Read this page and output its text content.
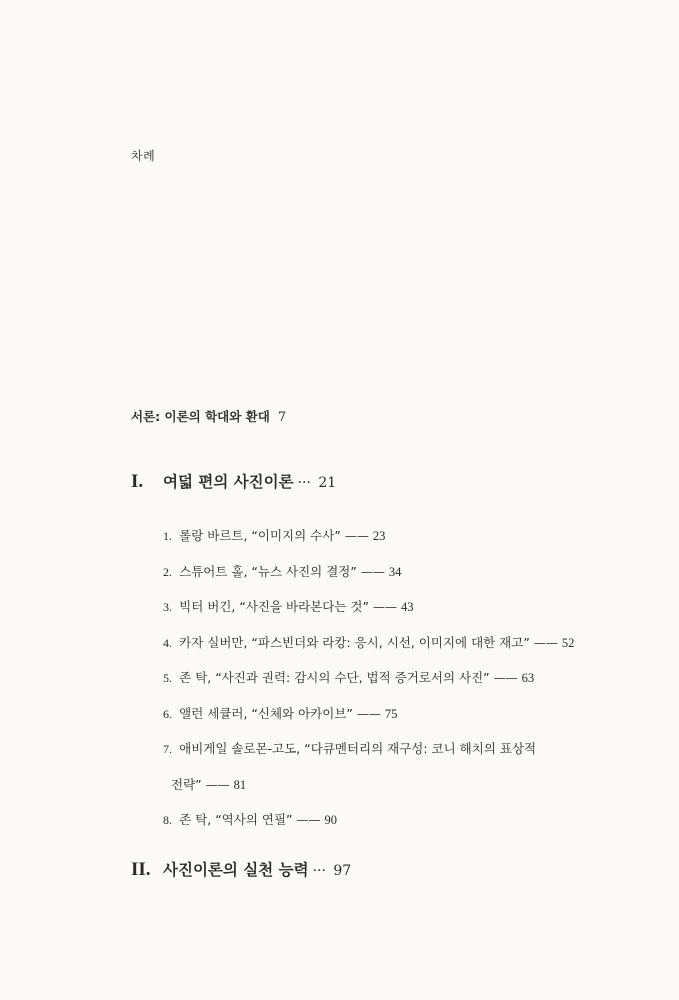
차례
서론: 이론의 학대와 환대 7
I. 여덟 편의 사진이론 ··· 21
1. 롤랑 바르트, “이미지의 수사” —— 23
2. 스튜어트 홀, “뉴스 사진의 결정” —— 34
3. 빅터 버긴, “사진을 바라본다는 것” —— 43
4. 카자 실버만, “파스빈더와 라캉: 응시, 시선, 이미지에 대한 재고” —— 52
5. 존 탁, “사진과 권력: 감시의 수단, 법적 증거로서의 사진” —— 63
6. 앨런 세큘러, “신체와 아카이브” —— 75
7. 애비게일 솔로몬-고도, “다큐멘터리의 재구성: 코니 해치의 표상적
전략” —— 81
8. 존 탁, “역사의 연필” —— 90
II. 사진이론의 실천 능력 ··· 97
